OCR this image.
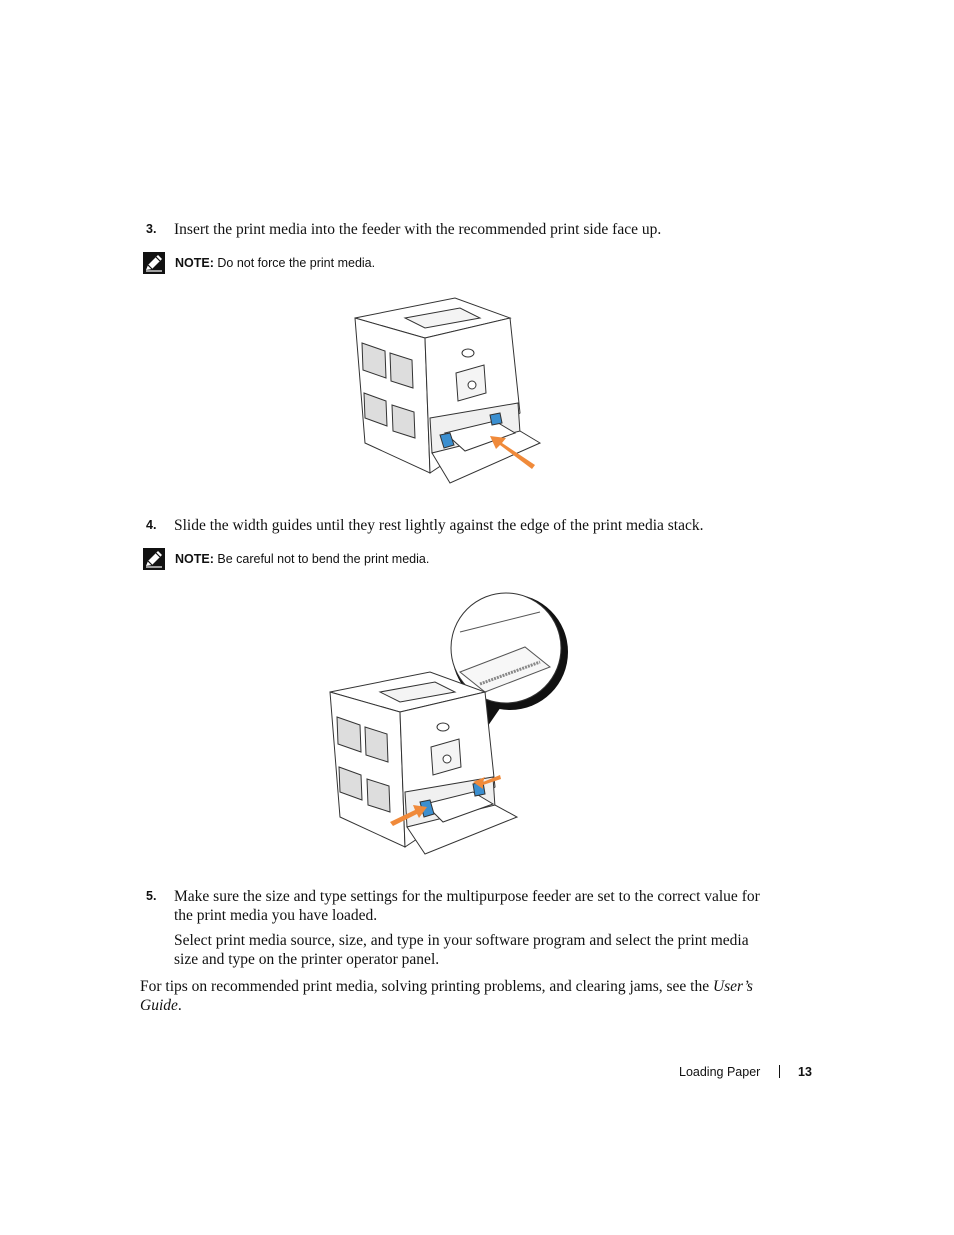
3. Insert the print media into the feeder with the recommended print side face up.

NOTE: Do not force the print media.
4. Slide the width guides until they rest lightly against the edge of the print media stack.

NOTE: Be careful not to bend the print media.
5. Make sure the size and type settings for the multipurpose feeder are set to the correct value for the print media you have loaded.

Select print media source, size, and type in your software program and select the print media size and type on the printer operator panel.

For tips on recommended print media, solving printing problems, and clearing jams, see the User’s Guide.

Loading Paper	13
